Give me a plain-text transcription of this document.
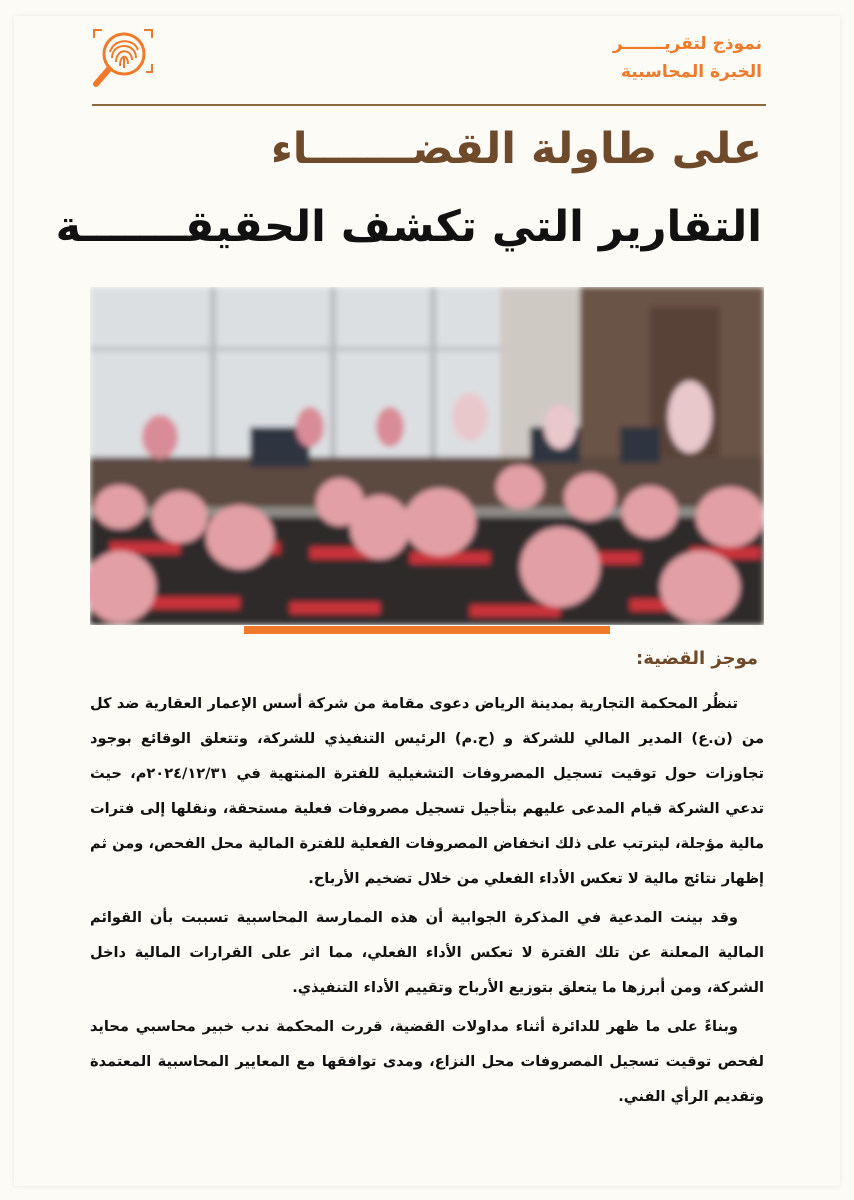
نموذج لتقريـــــــر
الخبرة المحاسبية
على طاولة القضـــــــاء
التقارير التي تكشف الحقيقـــــــة
موجز القضية:

تنظُر المحكمة التجارية بمدينة الرياض دعوى مقامة من شركة أسس الإعمار العقارية ضد كل من (ن.ع) المدير المالي للشركة و (ح.م) الرئيس التنفيذي للشركة، وتتعلق الوقائع بوجود تجاوزات حول توقيت تسجيل المصروفات التشغيلية للفترة المنتهية في ٢٠٢٤/١٢/٣١م، حيث تدعي الشركة قيام المدعى عليهم بتأجيل تسجيل مصروفات فعلية مستحقة، ونقلها إلى فترات مالية مؤجلة، ليترتب على ذلك انخفاض المصروفات الفعلية للفترة المالية محل الفحص، ومن ثم إظهار نتائج مالية لا تعكس الأداء الفعلي من خلال تضخيم الأرباح.

وقد بينت المدعية في المذكرة الجوابية أن هذه الممارسة المحاسبية تسببت بأن القوائم المالية المعلنة عن تلك الفترة لا تعكس الأداء الفعلي، مما اثر على القرارات المالية داخل الشركة، ومن أبرزها ما يتعلق بتوزيع الأرباح وتقييم الأداء التنفيذي.

وبناءً على ما ظهر للدائرة أثناء مداولات القضية، قررت المحكمة ندب خبير محاسبي محايد لفحص توقيت تسجيل المصروفات محل النزاع، ومدى توافقها مع المعايير المحاسبية المعتمدة وتقديم الرأي الفني.
